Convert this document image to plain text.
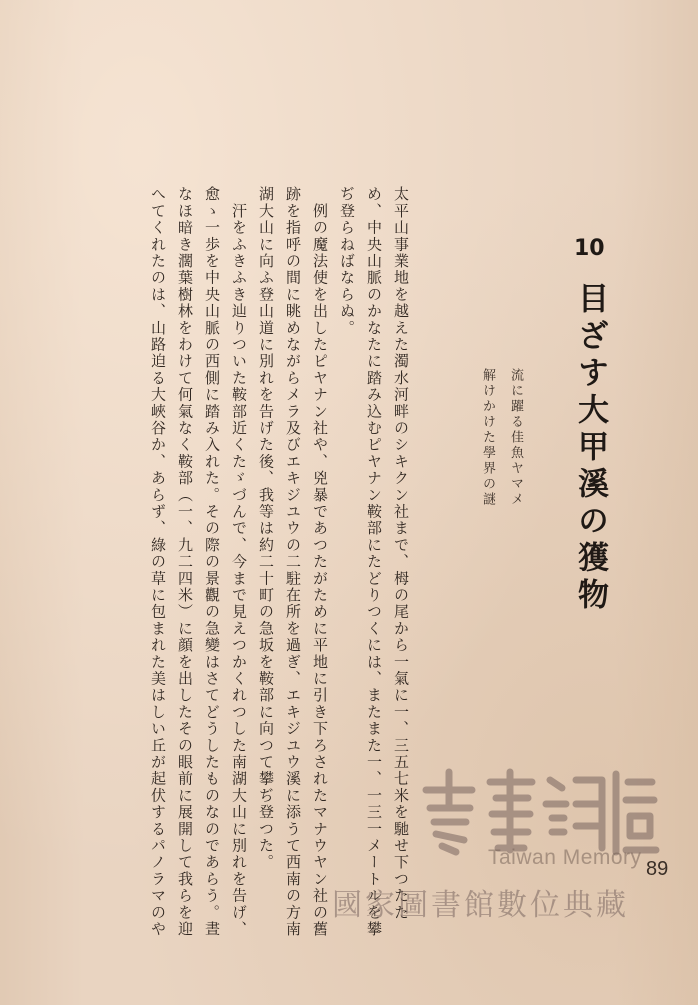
10
目ざす大甲溪の獲物
流に躍る佳魚ヤマメ
解けかけた學界の謎
太平山事業地を越えた濁水河畔のシキクン社まで、栂の尾から一氣に一、三五七米を馳せ下つたた
め、中央山脈のかなたに踏み込むピヤナン鞍部にたどりつくには、またまた一、一三一メートルを攀
ぢ登らねばならぬ。
　例の魔法使を出したピヤナン社や、兇暴であつたがために平地に引き下ろされたマナウヤン社の舊
跡を指呼の間に眺めながらメラ及びエキジユウの二駐在所を過ぎ、エキジユウ溪に添うて西南の方南
湖大山に向ふ登山道に別れを告げた後、我等は約二十町の急坂を鞍部に向つて攀ぢ登つた。
　汗をふきふき辿りついた鞍部近くたゞづんで、今まで見えつかくれつした南湖大山に別れを告げ、
愈ゝ一歩を中央山脈の西側に踏み入れた。その際の景觀の急變はさてどうしたものなのであらう。晝
なほ暗き濶葉樹林をわけて何氣なく鞍部（一、九二四米）に顔を出したその眼前に展開して我らを迎
へてくれたのは、山路迫る大峽谷か、あらず、綠の草に包まれた美はしい丘が起伏するパノラマのや	Taiwan Memory
國家圖書館數位典藏
89
